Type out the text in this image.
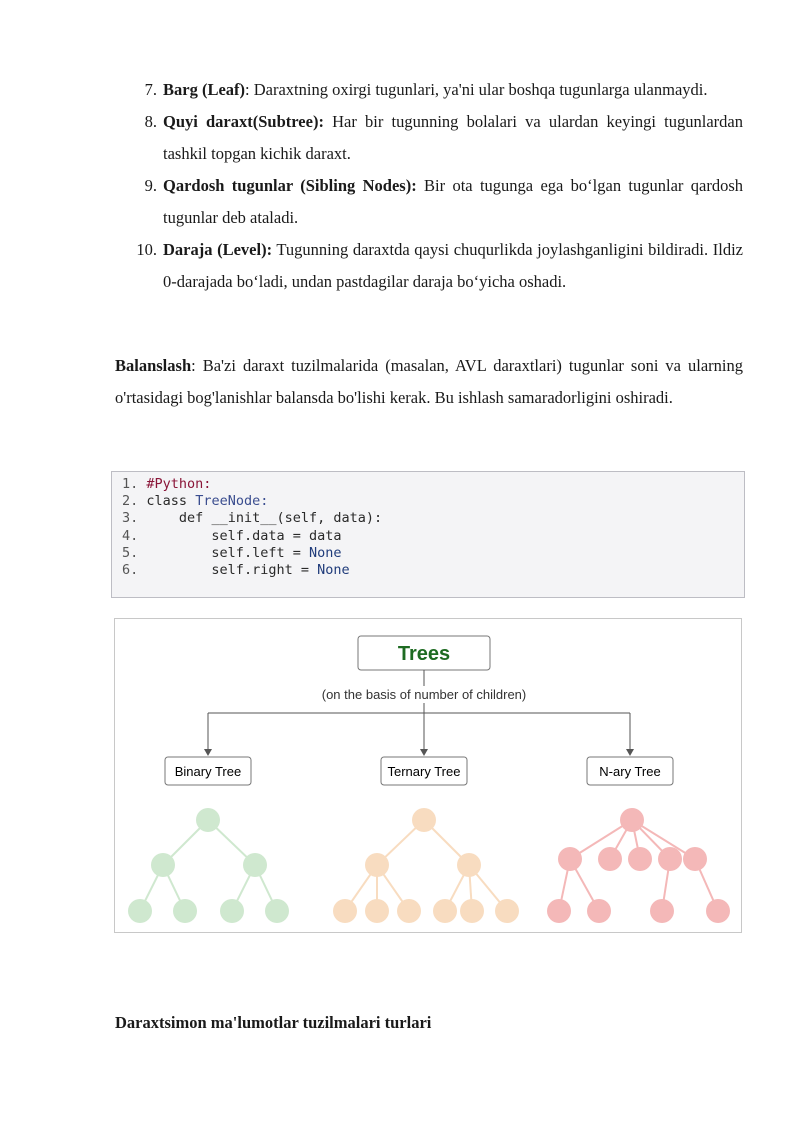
7. Barg (Leaf): Daraxtning oxirgi tugunlari, ya'ni ular boshqa tugunlarga ulanmaydi.
8. Quyi daraxt(Subtree): Har bir tugunning bolalari va ulardan keyingi tugunlardan tashkil topgan kichik daraxt.
9. Qardosh tugunlar (Sibling Nodes): Bir ota tugunga ega bo‘lgan tugunlar qardosh tugunlar deb ataladi.
10. Daraja (Level): Tugunning daraxtda qaysi chuqurlikda joylashganligini bildiradi. Ildiz 0-darajada bo‘ladi, undan pastdagilar daraja bo‘yicha oshadi.

Balanslash: Ba'zi daraxt tuzilmalarida (masalan, AVL daraxtlari) tugunlar soni va ularning o'rtasidagi bog'lanishlar balansda bo'lishi kerak. Bu ishlash samaradorligini oshiradi.

1. #Python:
2. class TreeNode:
3.	def __init__(self, data):
4.	self.data = data
5.	self.left = None
6.	self.right = None
Trees
(on the basis of number of children)
Binary Tree	Ternary Tree	N-ary Tree
Daraxtsimon ma'lumotlar tuzilmalari turlari
